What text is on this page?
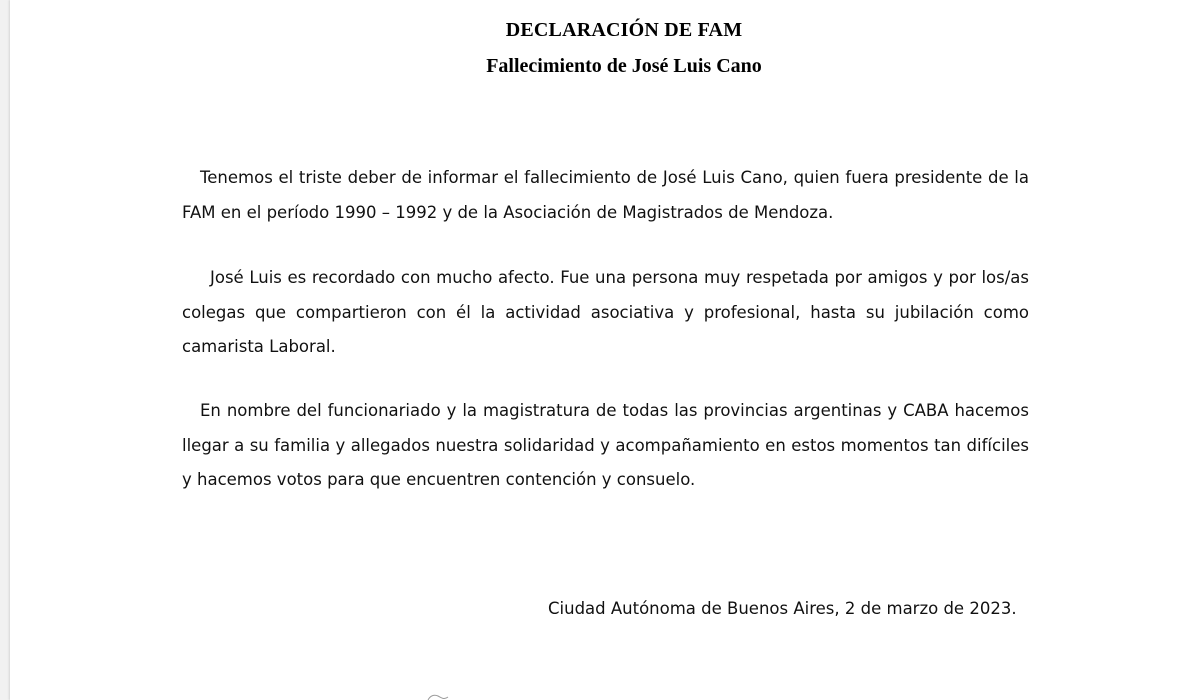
DECLARACIÓN DE FAM
Fallecimiento de José Luis Cano

Tenemos el triste deber de informar el fallecimiento de José Luis Cano, quien fuera presidente de la FAM en el período 1990 – 1992 y de la Asociación de Magistrados de Mendoza.

José Luis es recordado con mucho afecto. Fue una persona muy respetada por amigos y por los/as colegas que compartieron con él la actividad asociativa y profesional, hasta su jubilación como camarista Laboral.

En nombre del funcionariado y la magistratura de todas las provincias argentinas y CABA hacemos llegar a su familia y allegados nuestra solidaridad y acompañamiento en estos momentos tan difíciles y hacemos votos para que encuentren contención y consuelo.

Ciudad Autónoma de Buenos Aires, 2 de marzo de 2023.
